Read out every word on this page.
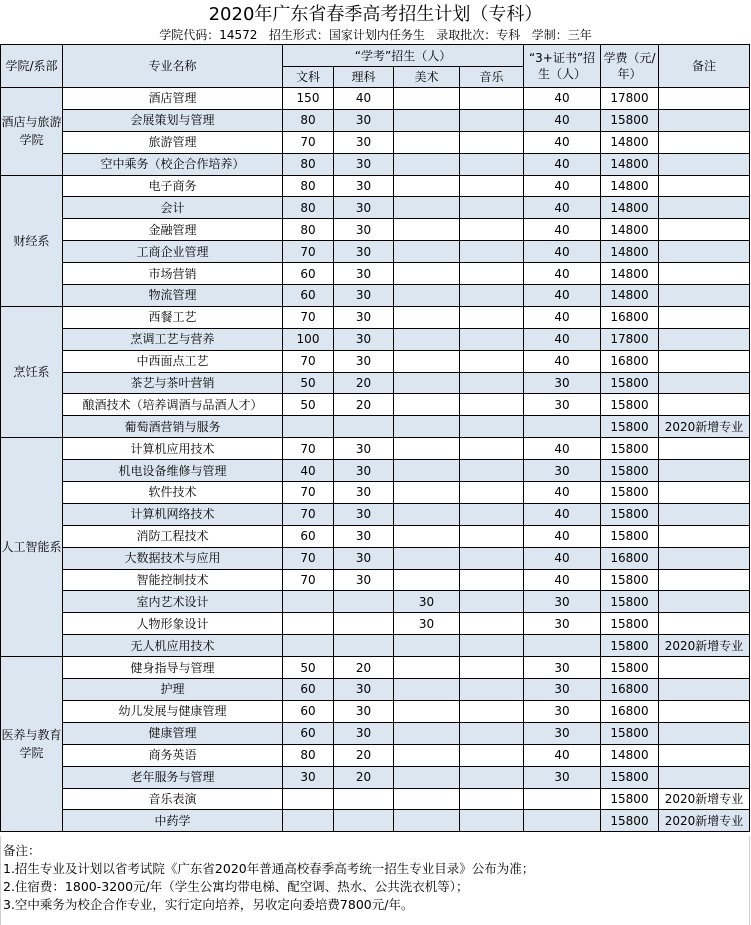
2020年广东省春季高考招生计划（专科）
学院代码：14572   招生形式：国家计划内任务生   录取批次：专科   学制：三年
学院/系部	专业名称	“学考”招生（人）				“3+证书”招生（人）	学费（元/年）	备注
		文科	理科	美术	音乐			
酒店与旅游学院	酒店管理	150	40			40	17800	
	会展策划与管理	80	30			40	15800	
	旅游管理	70	30			40	14800	
	空中乘务（校企合作培养）	80	30			40	14800	
财经系	电子商务	80	30			40	14800	
	会计	80	30			40	14800	
	金融管理	80	30			40	14800	
	工商企业管理	70	30			40	14800	
	市场营销	60	30			40	14800	
	物流管理	60	30			40	14800	
烹饪系	西餐工艺	70	30			40	16800	
	烹调工艺与营养	100	30			40	17800	
	中西面点工艺	70	30			40	16800	
	茶艺与茶叶营销	50	20			30	15800	
	酿酒技术（培养调酒与品酒人才）	50	20			30	15800	
	葡萄酒营销与服务						15800	2020新增专业
人工智能系	计算机应用技术	70	30			40	15800	
	机电设备维修与管理	40	30			30	15800	
	软件技术	70	30			40	15800	
	计算机网络技术	70	30			40	15800	
	消防工程技术	60	30			40	15800	
	大数据技术与应用	70	30			40	16800	
	智能控制技术	70	30			40	15800	
	室内艺术设计			30		30	15800	
	人物形象设计			30		30	15800	
	无人机应用技术						15800	2020新增专业
医养与教育学院	健身指导与管理	50	20			30	15800	
	护理	60	30			30	16800	
	幼儿发展与健康管理	60	30			30	16800	
	健康管理	60	30			30	15800	
	商务英语	80	20			40	14800	
	老年服务与管理	30	20			30	15800	
	音乐表演						15800	2020新增专业
	中药学						15800	2020新增专业
备注：
1.招生专业及计划以省考试院《广东省2020年普通高校春季高考统一招生专业目录》公布为准；
2.住宿费：1800-3200元/年（学生公寓均带电梯、配空调、热水、公共洗衣机等）；
3.空中乘务为校企合作专业，实行定向培养，另收定向委培费7800元/年。
